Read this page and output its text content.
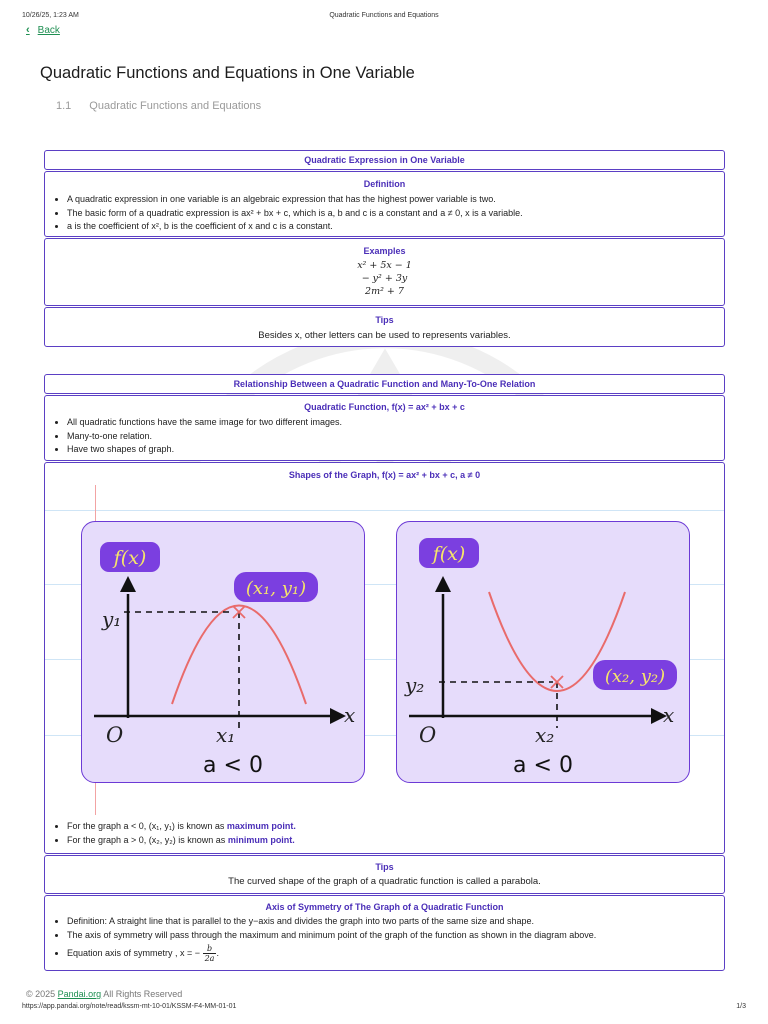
10/26/25, 1:23 AM	Quadratic Functions and Equations
‹ Back
Quadratic Functions and Equations in One Variable
1.1 Quadratic Functions and Equations
Quadratic Expression in One Variable
Definition
• A quadratic expression in one variable is an algebraic expression that has the highest power variable is two.
• The basic form of a quadratic expression is ax² + bx + c, which is a, b and c is a constant and a ≠ 0, x is a variable.
• a is the coefficient of x², b is the coefficient of x and c is a constant.
Examples
x² + 5x − 1
− y² + 3y
2m² + 7
Tips
Besides x, other letters can be used to represents variables.
Relationship Between a Quadratic Function and Many-To-One Relation
Quadratic Function, f(x) = ax² + bx + c
• All quadratic functions have the same image for two different images.
• Many-to-one relation.
• Have two shapes of graph.
Shapes of the Graph, f(x) = ax² + bx + c, a ≠ 0
f(x)
(x₁, y₁)
y₁
x₁
O
x
a < 0
f(x)
(x₂, y₂)
y₂
x₂
O
x
a < 0
• For the graph a < 0, (x₁, y₁) is known as maximum point.
• For the graph a > 0, (x₂, y₂) is known as minimum point.
Tips
The curved shape of the graph of a quadratic function is called a parabola.
Axis of Symmetry of The Graph of a Quadratic Function
• Definition: A straight line that is parallel to the y−axis and divides the graph into two parts of the same size and shape.
• The axis of symmetry will pass through the maximum and minimum point of the graph of the function as shown in the diagram above.
• Equation axis of symmetry , x = − $\frac{b}{2a}$ .
© 2025 Pandai.org All Rights Reserved
https://app.pandai.org/note/read/kssm-mt-10-01/KSSM-F4-MM-01-01	1/3
